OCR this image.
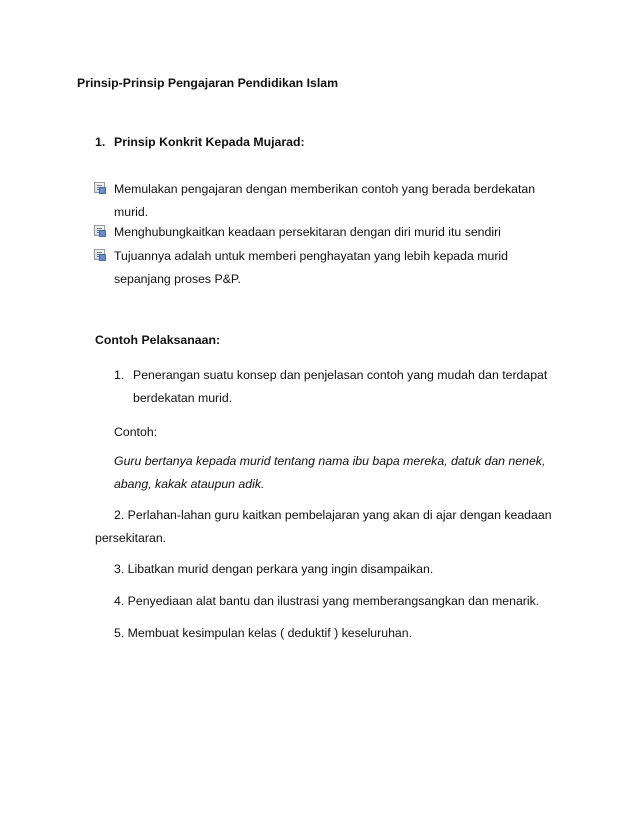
Prinsip-Prinsip Pengajaran Pendidikan Islam
1. Prinsip Konkrit Kepada Mujarad:
Memulakan pengajaran dengan memberikan contoh yang berada berdekatan
murid.
Menghubungkaitkan keadaan persekitaran dengan diri murid itu sendiri
Tujuannya adalah untuk memberi penghayatan yang lebih kepada murid
sepanjang proses P&P.
Contoh Pelaksanaan:
1. Penerangan suatu konsep dan penjelasan contoh yang mudah dan terdapat
berdekatan murid.
Contoh:
Guru bertanya kepada murid tentang nama ibu bapa mereka, datuk dan nenek,
abang, kakak ataupun adik.
2. Perlahan-lahan guru kaitkan pembelajaran yang akan di ajar dengan keadaan
persekitaran.
3. Libatkan murid dengan perkara yang ingin disampaikan.
4. Penyediaan alat bantu dan ilustrasi yang memberangsangkan dan menarik.
5. Membuat kesimpulan kelas ( deduktif ) keseluruhan.
